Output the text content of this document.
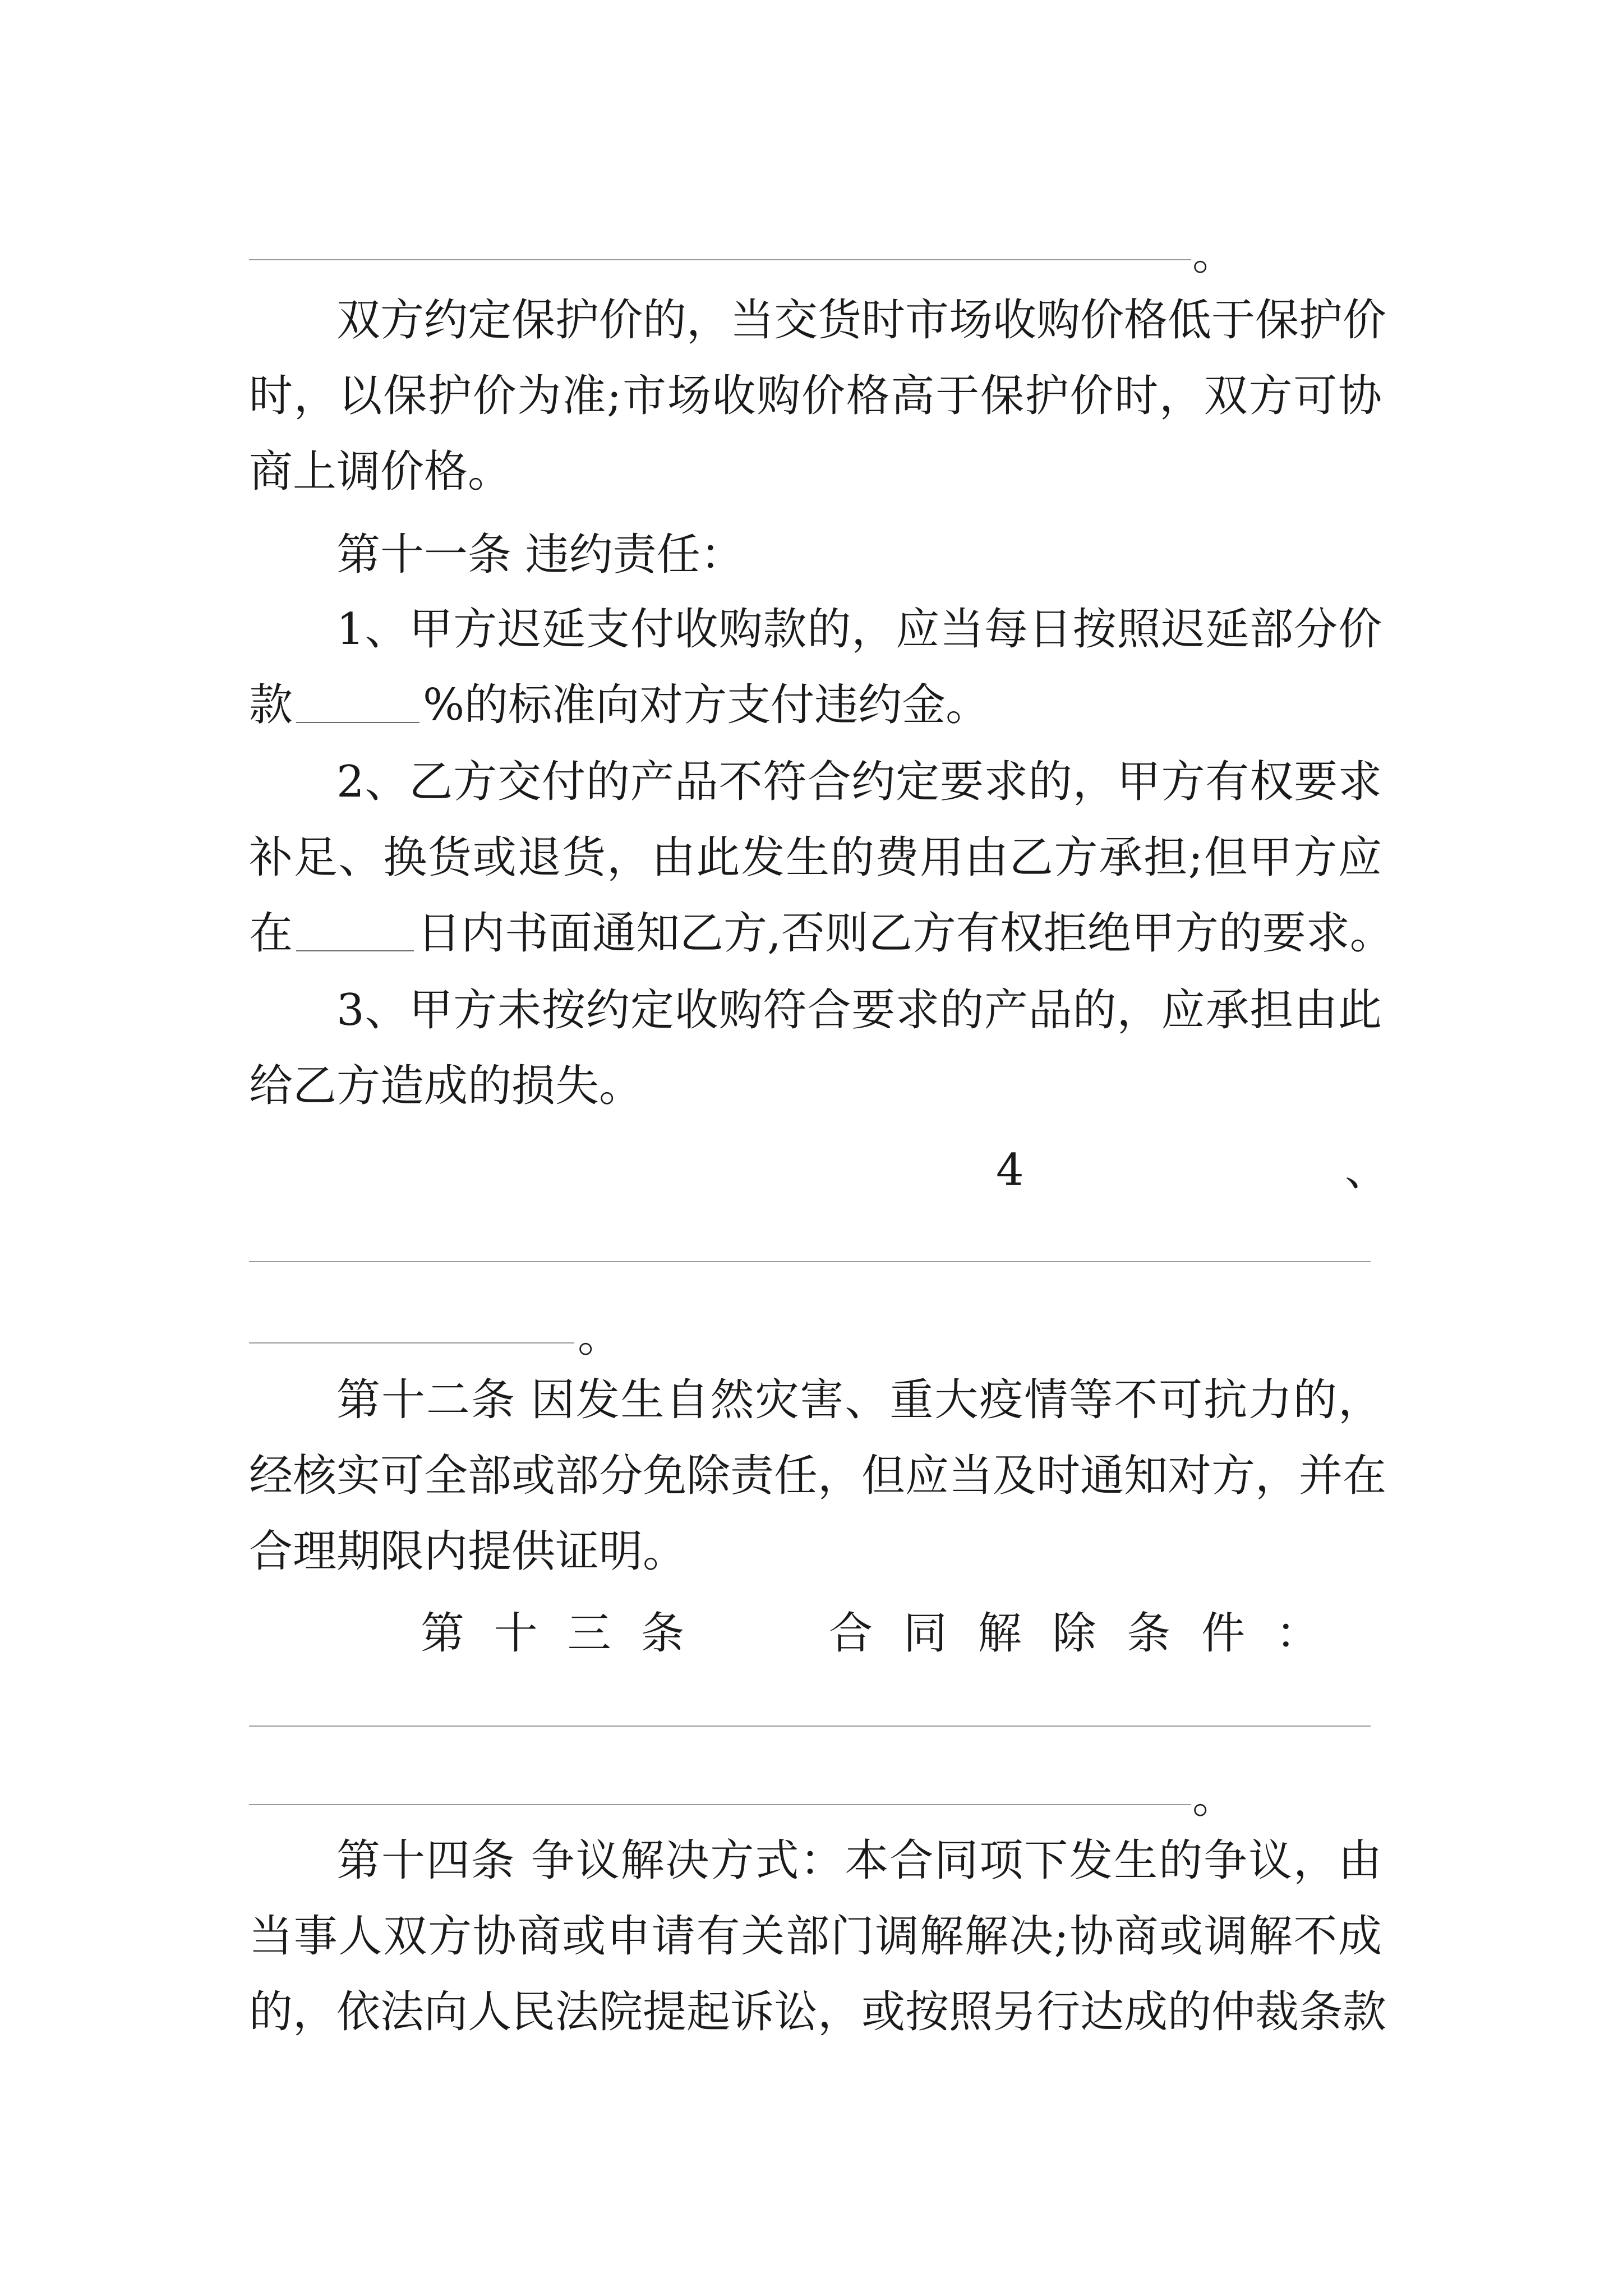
。
双方约定保护价的，当交货时市场收购价格低于保护价
时，以保护价为准;市场收购价格高于保护价时，双方可协
商上调价格。
第十一条 违约责任：
1、甲方迟延支付收购款的，应当每日按照迟延部分价
款	%的标准向对方支付违约金。
2、乙方交付的产品不符合约定要求的，甲方有权要求
补足、换货或退货，由此发生的费用由乙方承担;但甲方应
在	日内书面通知乙方,否则乙方有权拒绝甲方的要求。
3、甲方未按约定收购符合要求的产品的，应承担由此
给乙方造成的损失。
4	、
。
第十二条 因发生自然灾害、重大疫情等不可抗力的，
经核实可全部或部分免除责任，但应当及时通知对方，并在
合理期限内提供证明。
第 十 三 条	合 同 解 除 条 件 ：
。
第十四条 争议解决方式：本合同项下发生的争议，由
当事人双方协商或申请有关部门调解解决;协商或调解不成
的，依法向人民法院提起诉讼，或按照另行达成的仲裁条款
